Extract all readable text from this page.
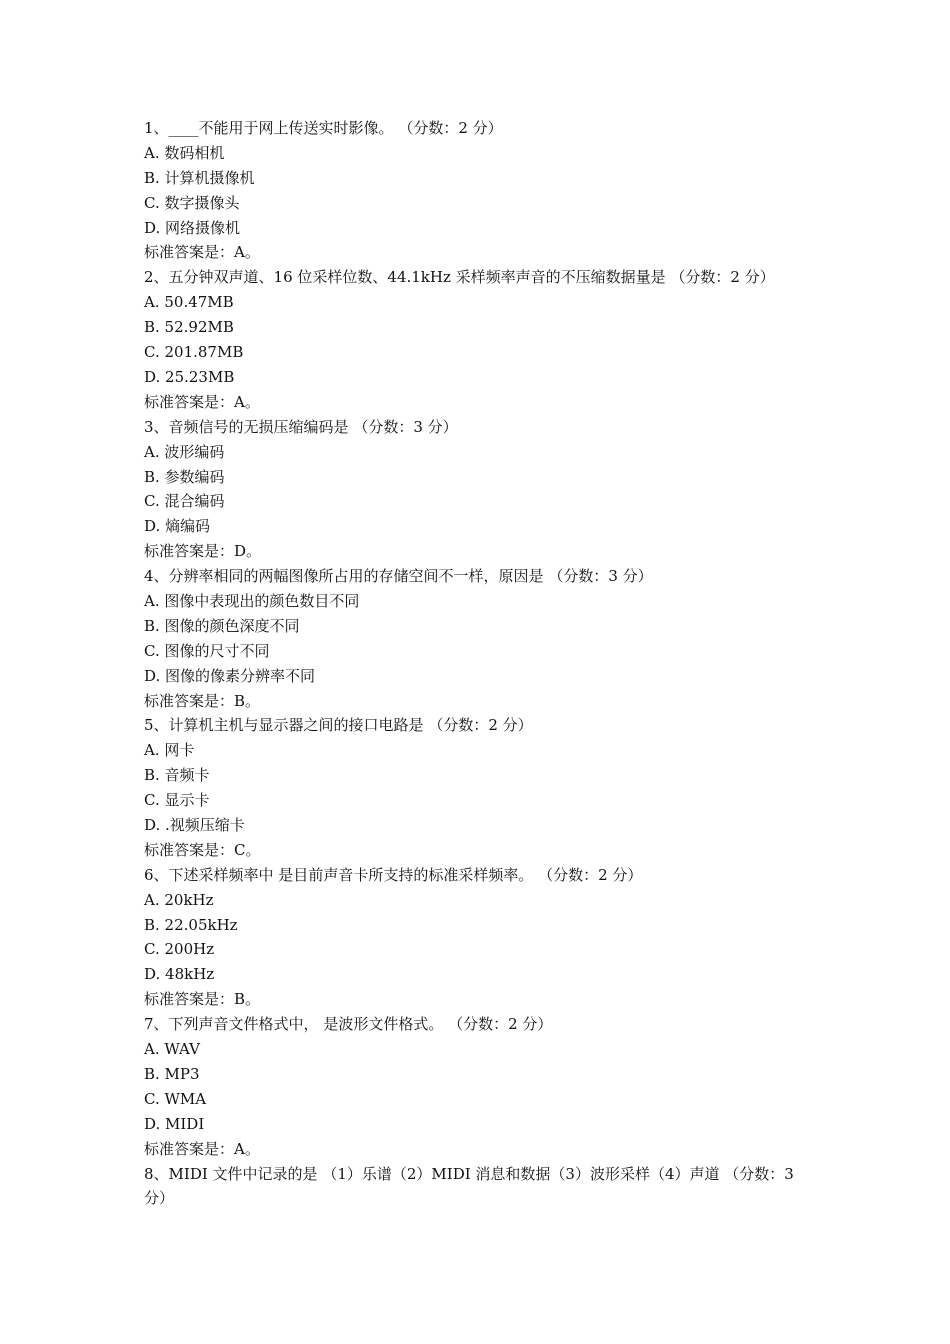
1、____不能用于网上传送实时影像。 （分数：2 分）
A. 数码相机
B. 计算机摄像机
C. 数字摄像头
D. 网络摄像机
标准答案是：A。
2、五分钟双声道、16 位采样位数、44.1kHz 采样频率声音的不压缩数据量是 （分数：2 分）
A. 50.47MB
B. 52.92MB
C. 201.87MB
D. 25.23MB
标准答案是：A。
3、音频信号的无损压缩编码是 （分数：3 分）
A. 波形编码
B. 参数编码
C. 混合编码
D. 熵编码
标准答案是：D。
4、分辨率相同的两幅图像所占用的存储空间不一样，原因是 （分数：3 分）
A. 图像中表现出的颜色数目不同
B. 图像的颜色深度不同
C. 图像的尺寸不同
D. 图像的像素分辨率不同
标准答案是：B。
5、计算机主机与显示器之间的接口电路是 （分数：2 分）
A. 网卡
B. 音频卡
C. 显示卡
D. .视频压缩卡
标准答案是：C。
6、下述采样频率中 是目前声音卡所支持的标准采样频率。 （分数：2 分）
A. 20kHz
B. 22.05kHz
C. 200Hz
D. 48kHz
标准答案是：B。
7、下列声音文件格式中， 是波形文件格式。 （分数：2 分）
A. WAV
B. MP3
C. WMA
D. MIDI
标准答案是：A。
8、MIDI 文件中记录的是 （1）乐谱（2）MIDI 消息和数据（3）波形采样（4）声道 （分数：3 分）
